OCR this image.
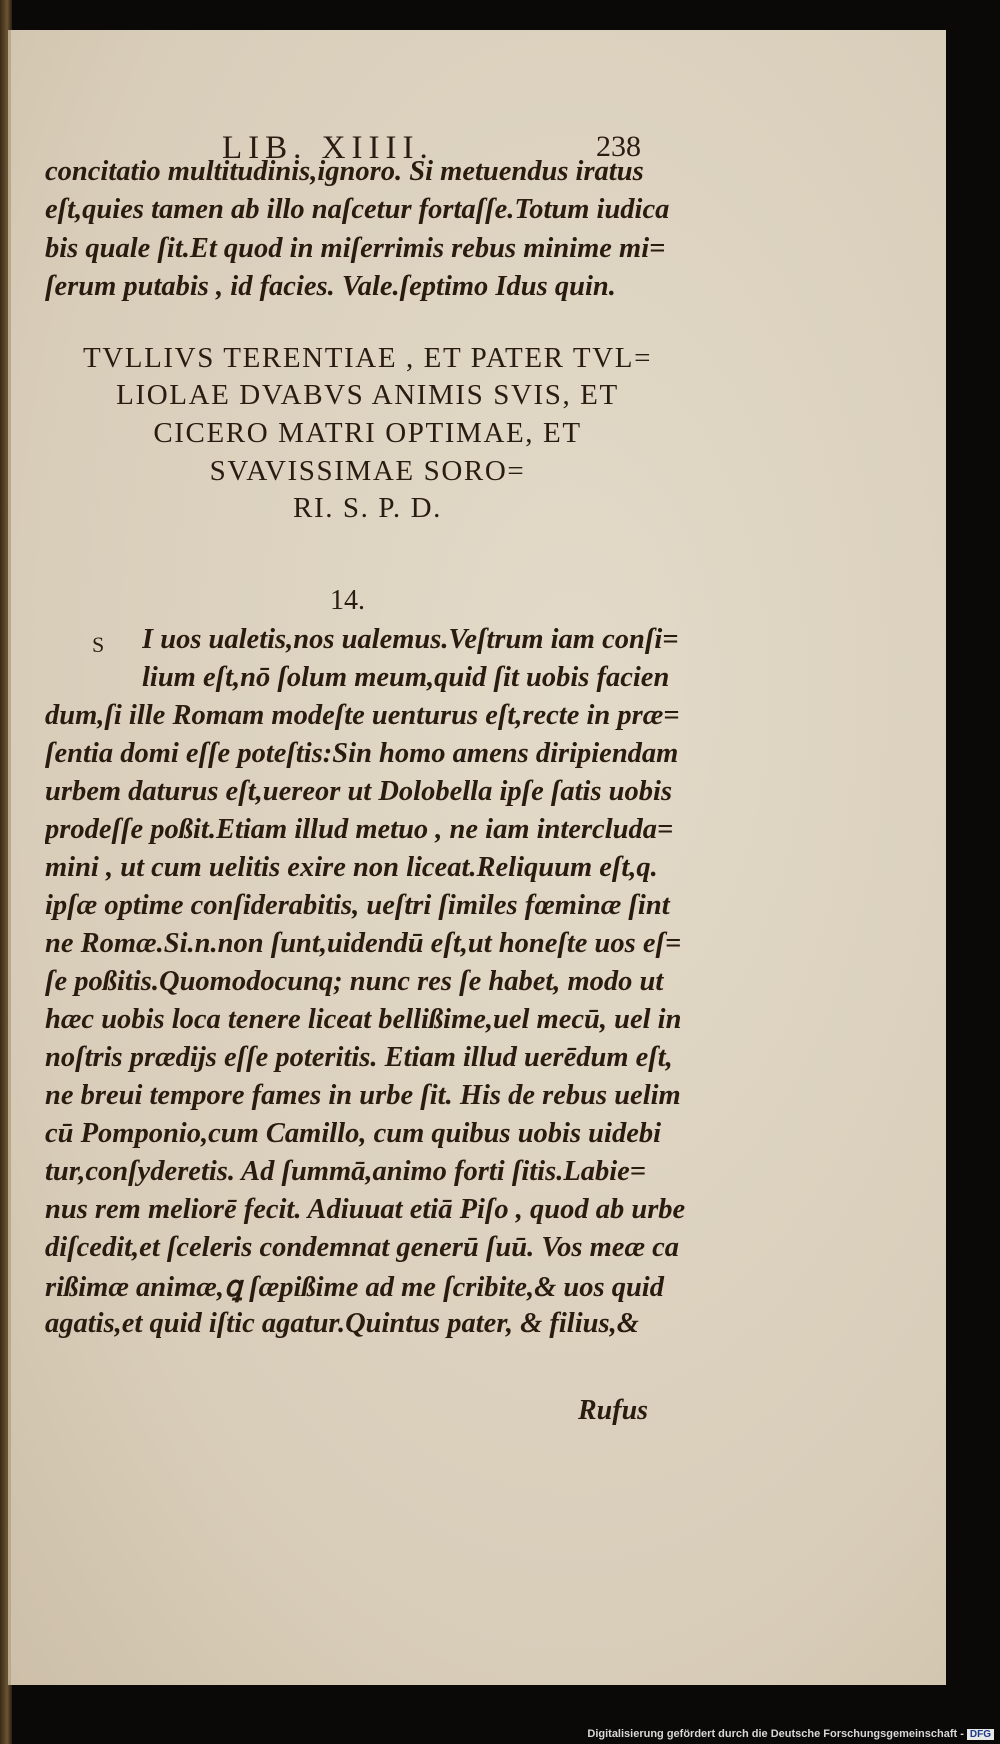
LIB. XIIII.	238
concitatio multitudinis,ignoro. Si metuendus iratus
eſt,quies tamen ab illo naſcetur fortaſſe.Totum iudica
bis quale ſit.Et quod in miſerrimis rebus minime mi=
ſerum putabis , id facies. Vale.ſeptimo Idus quin.
TVLLIVS TERENTIAE , ET PATER TVL=
LIOLAE DVABVS ANIMIS SVIS, ET
CICERO MATRI OPTIMAE, ET
SVAVISSIMAE SORO=
RI. S. P. D.
14.
S I uos ualetis,nos ualemus.Veſtrum iam conſi=
lium eſt,nō ſolum meum,quid ſit uobis facien
dum,ſi ille Romam modeſte uenturus eſt,recte in præ=
ſentia domi eſſe poteſtis:Sin homo amens diripiendam
urbem daturus eſt,uereor ut Dolobella ipſe ſatis uobis
prodeſſe poßit.Etiam illud metuo , ne iam intercluda=
mini , ut cum uelitis exire non liceat.Reliquum eſt,q.
ipſæ optime conſiderabitis, ueſtri ſimiles fœminæ ſint
ne Romæ.Si.n.non ſunt,uidendū eſt,ut honeſte uos eſ=
ſe poßitis.Quomodocunq; nunc res ſe habet, modo ut
hæc uobis loca tenere liceat bellißime,uel mecū, uel in
noſtris prædijs eſſe poteritis. Etiam illud uerēdum eſt,
ne breui tempore fames in urbe ſit. His de rebus uelim
cū Pomponio,cum Camillo, cum quibus uobis uidebi
tur,conſyderetis. Ad ſummā,animo forti ſitis.Labie=
nus rem meliorē fecit. Adiuuat etiā Piſo , quod ab urbe
diſcedit,et ſceleris condemnat generū ſuū. Vos meæ ca
rißimæ animæ,ꝗ ſæpißime ad me ſcribite,& uos quid
agatis,et quid iſtic agatur.Quintus pater, & filius,&
Rufus
Digitalisierung gefördert durch die Deutsche Forschungsgemeinschaft - DFG
